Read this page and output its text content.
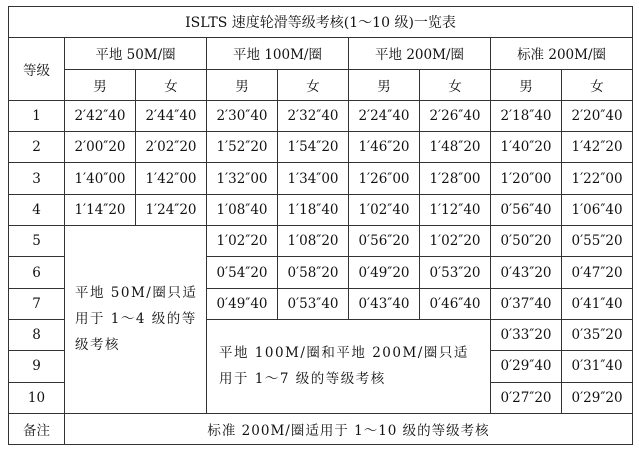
ISLTS 速度轮滑等级考核(1～10 级)一览表								
等级	平地 50M/圈		平地 100M/圈		平地 200M/圈		标准 200M/圈	
	男	女	男	女	男	女	男	女
1	2′42″40	2′44″40	2′30″40	2′32″40	2′24″40	2′26″40	2′18″40	2′20″40
2	2′00″20	2′02″20	1′52″20	1′54″20	1′46″20	1′48″20	1′40″20	1′42″20
3	1′40″00	1′42″00	1′32″00	1′34″00	1′26″00	1′28″00	1′20″00	1′22″00
4	1′14″20	1′24″20	1′08″40	1′18″40	1′02″40	1′12″40	0′56″40	1′06″40
5	平地 50M/圈只适用于 1～4 级的等级考核		1′02″20	1′08″20	0′56″20	1′02″20	0′50″20	0′55″20
6			0′54″20	0′58″20	0′49″20	0′53″20	0′43″20	0′47″20
7			0′49″40	0′53″40	0′43″40	0′46″40	0′37″40	0′41″40
8			平地 100M/圈和平地 200M/圈只适用于 1～7 级的等级考核				0′33″20	0′35″20
9							0′29″40	0′31″40
10							0′27″20	0′29″20
备注	标准 200M/圈适用于 1～10 级的等级考核							
